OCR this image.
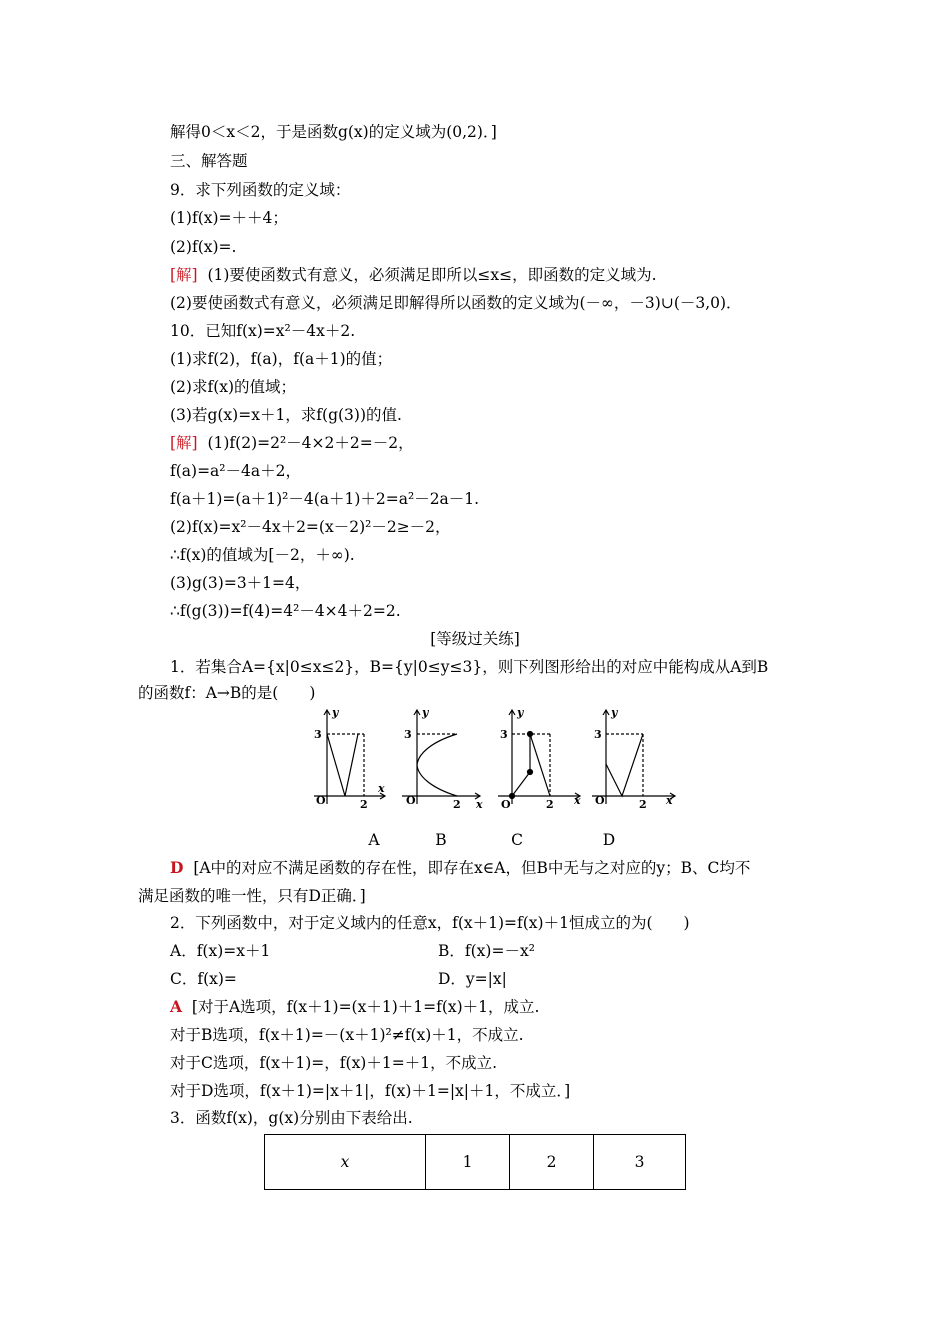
解得0＜x＜2，于是函数g(x)的定义域为(0,2)．]
三、解答题
9．求下列函数的定义域：
(1)f(x)=＋＋4；
(2)f(x)=.
[解] (1)要使函数式有意义，必须满足即所以≤x≤，即函数的定义域为.
(2)要使函数式有意义，必须满足即解得所以函数的定义域为(－∞，－3)∪(－3,0)．
10．已知f(x)=x²－4x＋2.
(1)求f(2)，f(a)，f(a＋1)的值；
(2)求f(x)的值域；
(3)若g(x)=x＋1，求f(g(3))的值.
[解] (1)f(2)=2²－4×2＋2=－2，
f(a)=a²－4a＋2，
f(a＋1)=(a＋1)²－4(a＋1)＋2=a²－2a－1.
(2)f(x)=x²－4x＋2=(x－2)²－2≥－2，
∴f(x)的值域为[－2，＋∞).
(3)g(3)=3＋1=4，
∴f(g(3))=f(4)=4²－4×4＋2=2.
[等级过关练]
1．若集合A={x|0≤x≤2}，B={y|0≤y≤3}，则下列图形给出的对应中能构成从A到B
的函数f：A→B的是(　　)
O
y
3
2
x
O
y
3
2 x O
y
3
2 x O
y
3
2 x
A	B	C	D
D [A中的对应不满足函数的存在性，即存在x∈A，但B中无与之对应的y；B、C均不
满足函数的唯一性，只有D正确．]
2．下列函数中，对于定义域内的任意x，f(x＋1)=f(x)＋1恒成立的为(　　)
A．f(x)=x＋1	B．f(x)=－x²
C．f(x)=	D．y=|x|
A [对于A选项，f(x＋1)=(x＋1)＋1=f(x)＋1，成立.
对于B选项，f(x＋1)=－(x＋1)²≠f(x)＋1，不成立.
对于C选项，f(x＋1)=，f(x)＋1=＋1，不成立.
对于D选项，f(x＋1)=|x＋1|，f(x)＋1=|x|＋1，不成立．]
3．函数f(x)，g(x)分别由下表给出.
x	1	2	3
